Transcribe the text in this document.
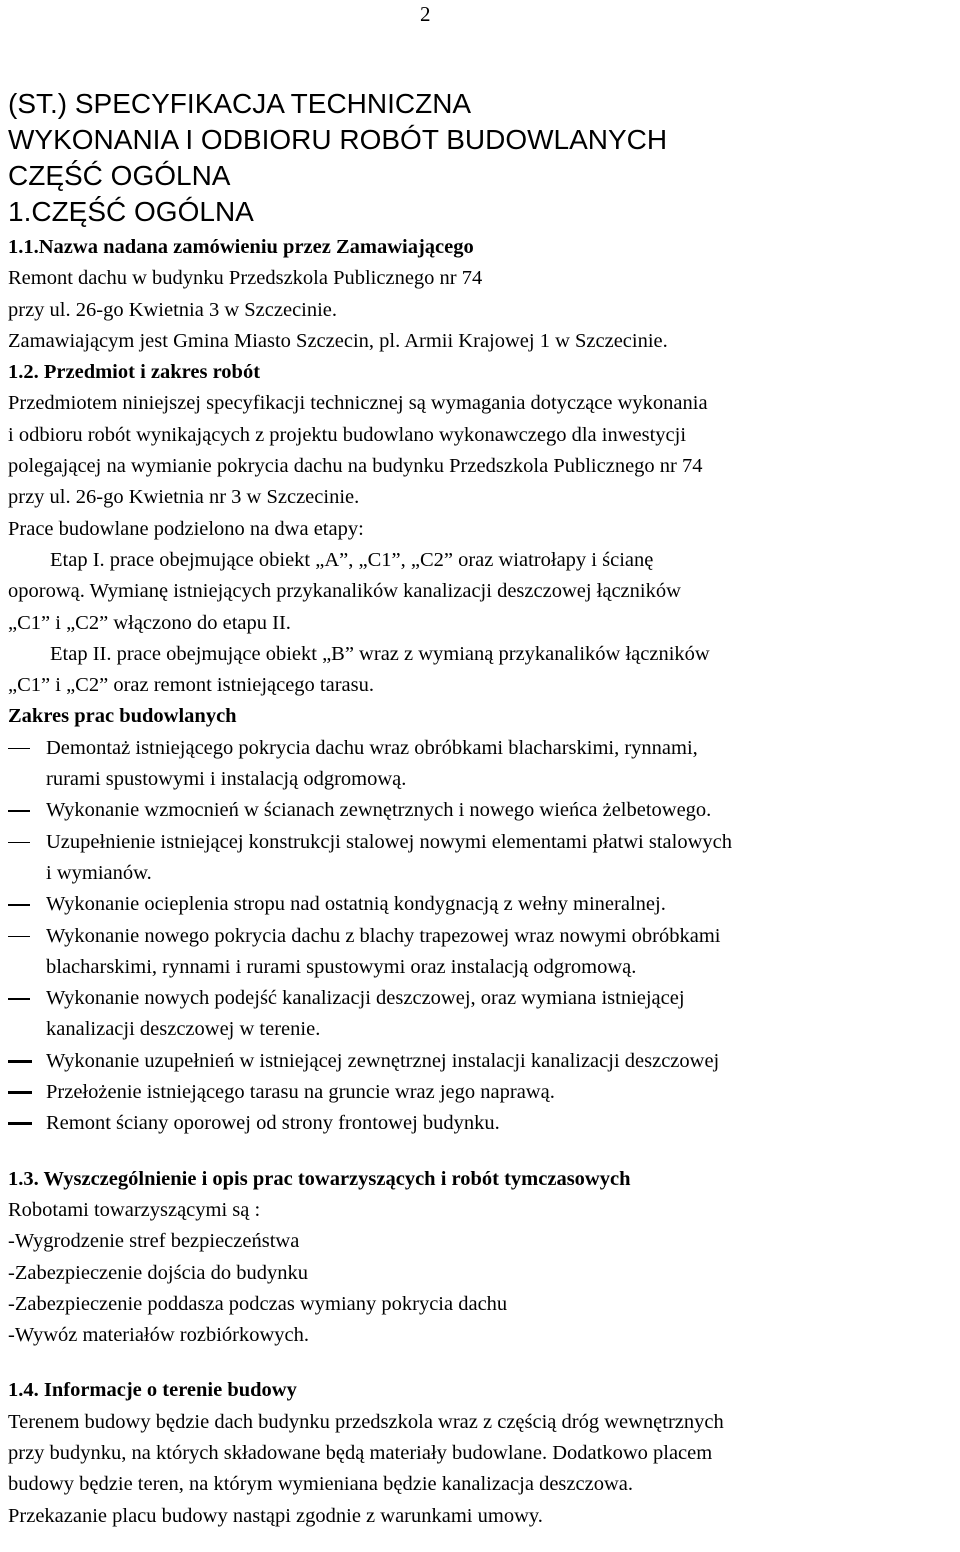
2
(ST.) SPECYFIKACJA TECHNICZNA
WYKONANIA I ODBIORU ROBÓT BUDOWLANYCH
CZĘŚĆ OGÓLNA
1.CZĘŚĆ OGÓLNA
1.1.Nazwa nadana zamówieniu przez Zamawiającego
Remont dachu w budynku Przedszkola Publicznego nr 74
przy ul. 26-go Kwietnia 3 w Szczecinie.
Zamawiającym jest Gmina Miasto Szczecin, pl. Armii Krajowej 1 w Szczecinie.
1.2. Przedmiot i zakres robót
Przedmiotem niniejszej specyfikacji technicznej są wymagania dotyczące wykonania
i odbioru robót wynikających z projektu budowlano wykonawczego dla inwestycji
polegającej na wymianie pokrycia dachu na budynku Przedszkola Publicznego nr 74
przy ul. 26-go Kwietnia nr 3 w Szczecinie.
Prace budowlane podzielono na dwa etapy:
Etap I. prace obejmujące obiekt „A”, „C1”, „C2” oraz wiatrołapy i ścianę
oporową. Wymianę istniejących przykanalików kanalizacji deszczowej łączników
„C1” i „C2” włączono do etapu II.
Etap II. prace obejmujące obiekt „B” wraz z wymianą przykanalików łączników
„C1” i „C2” oraz remont istniejącego tarasu.
Zakres prac budowlanych
Demontaż istniejącego pokrycia dachu wraz obróbkami blacharskimi, rynnami,
rurami spustowymi i instalacją odgromową.
Wykonanie wzmocnień w ścianach zewnętrznych i nowego wieńca żelbetowego.
Uzupełnienie istniejącej konstrukcji stalowej nowymi elementami płatwi stalowych
i wymianów.
Wykonanie ocieplenia stropu nad ostatnią kondygnacją z wełny mineralnej.
Wykonanie nowego pokrycia dachu z blachy trapezowej wraz nowymi obróbkami
blacharskimi, rynnami i rurami spustowymi oraz instalacją odgromową.
Wykonanie nowych podejść kanalizacji deszczowej, oraz wymiana istniejącej
kanalizacji deszczowej w terenie.
Wykonanie uzupełnień w istniejącej zewnętrznej instalacji kanalizacji deszczowej
Przełożenie istniejącego tarasu na gruncie wraz jego naprawą.
Remont ściany oporowej od strony frontowej budynku.
1.3. Wyszczególnienie i opis prac towarzyszących i robót tymczasowych
Robotami towarzyszącymi są :
-Wygrodzenie stref bezpieczeństwa
-Zabezpieczenie dojścia do budynku
-Zabezpieczenie poddasza podczas wymiany pokrycia dachu
-Wywóz materiałów rozbiórkowych.
1.4. Informacje o terenie budowy
Terenem budowy będzie dach budynku przedszkola wraz z częścią dróg wewnętrznych
przy budynku, na których składowane będą materiały budowlane. Dodatkowo placem
budowy będzie teren, na którym wymieniana będzie kanalizacja deszczowa.
Przekazanie placu budowy nastąpi zgodnie z warunkami umowy.
